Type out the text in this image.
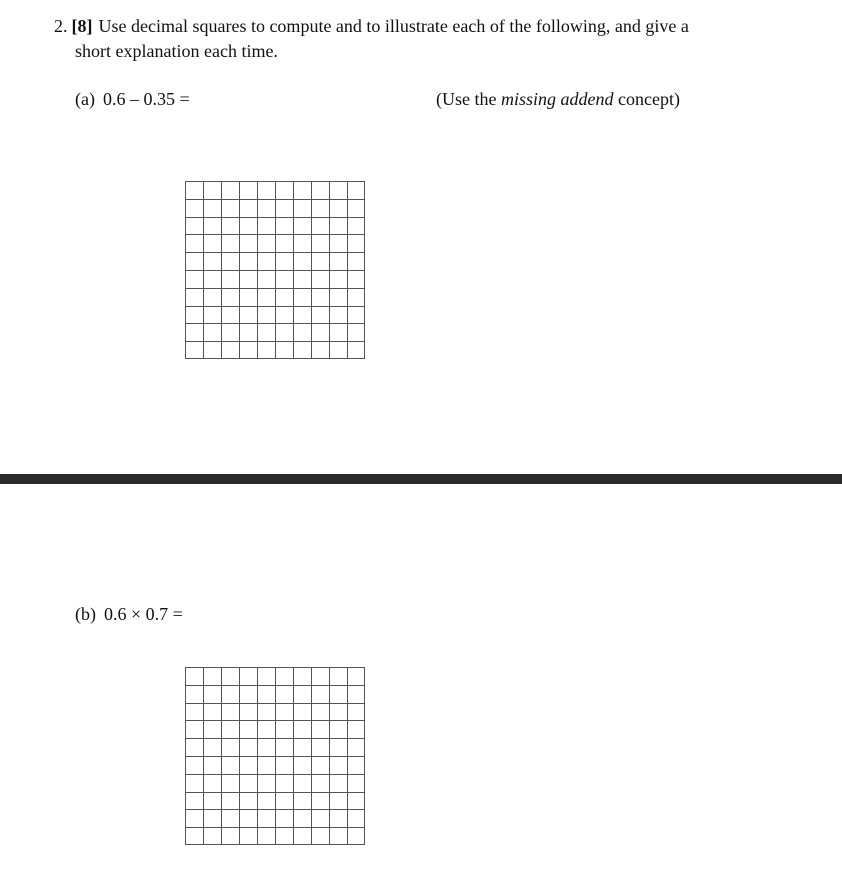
2. [8] Use decimal squares to compute and to illustrate each of the following, and give a
short explanation each time.
(a) 0.6 – 0.35 =	(Use the missing addend concept)
(b) 0.6 × 0.7 =
